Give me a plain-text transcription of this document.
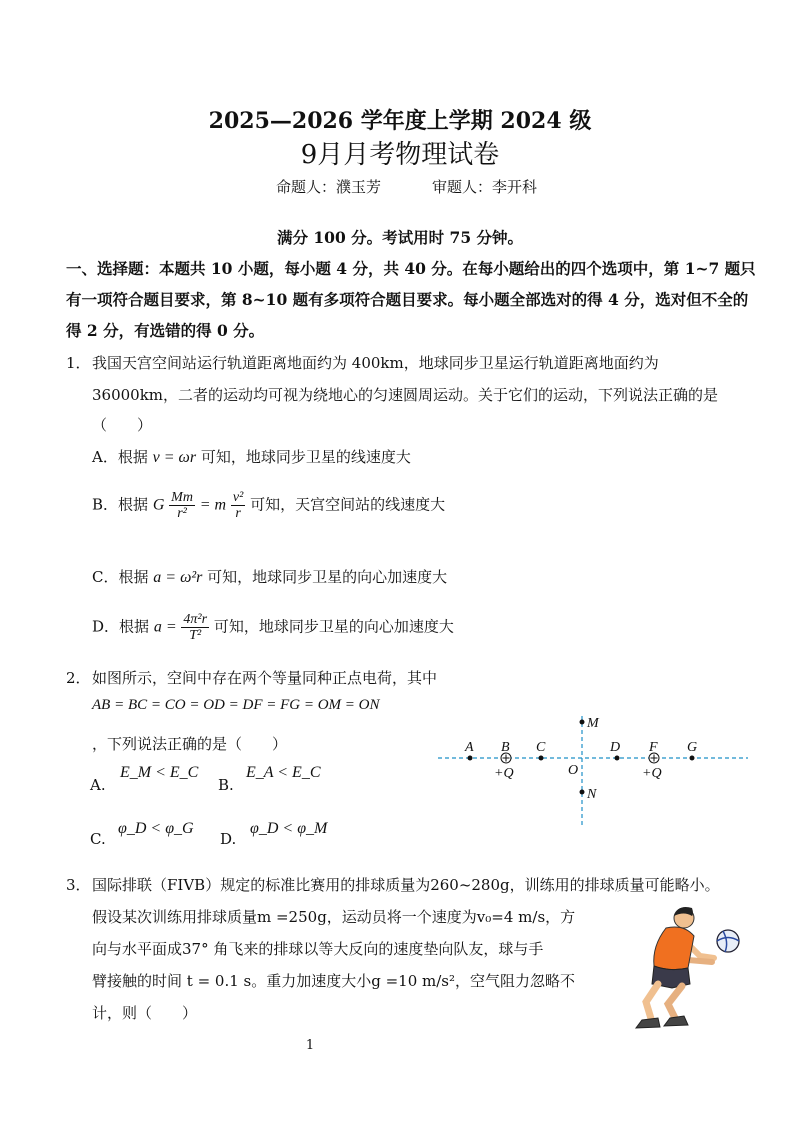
2025—2026 学年度上学期 2024 级
9月月考物理试卷
命题人：濮玉芳	审题人：李开科
满分 100 分。考试用时 75 分钟。
一、选择题：本题共 10 小题，每小题 4 分，共 40 分。在每小题给出的四个选项中，第 1~7 题只
有一项符合题目要求，第 8~10 题有多项符合题目要求。每小题全部选对的得 4 分，选对但不全的
得 2 分，有选错的得 0 分。
1． 我国天宫空间站运行轨道距离地面约为 400km，地球同步卫星运行轨道距离地面约为
36000km，二者的运动均可视为绕地心的匀速圆周运动。关于它们的运动，下列说法正确的是
（　　）
A．根据 v = ωr 可知，地球同步卫星的线速度大
B．根据 G $\frac{Mm}{\text{r²}} = m \frac{\text{v²}}{r}$ 可知，天宫空间站的线速度大
C．根据 a = ω²r 可知，地球同步卫星的向心加速度大
D．根据 $a = \frac{\text{4π²r}}{\text{T²}}$ 可知，地球同步卫星的向心加速度大
2． 如图所示，空间中存在两个等量同种正点电荷，其中
AB = BC = CO = OD = DF = FG = OM = ON
，下列说法正确的是（　　）
A.
E_M < E_C
B.
E_A < E_C
C.
φ_D < φ_G
D.
φ_D < φ_M
A B C
O
D F G
M
N
+Q	+Q
3． 国际排联（FIVB）规定的标准比赛用的排球质量为260~280g，训练用的排球质量可能略小。
假设某次训练用排球质量m =250g，运动员将一个速度为v₀=4 m/s，方
向与水平面成37° 角飞来的排球以等大反向的速度垫向队友，球与手
臂接触的时间 t = 0.1 s。重力加速度大小g =10 m/s²，空气阻力忽略不
计，则（　　）
1
